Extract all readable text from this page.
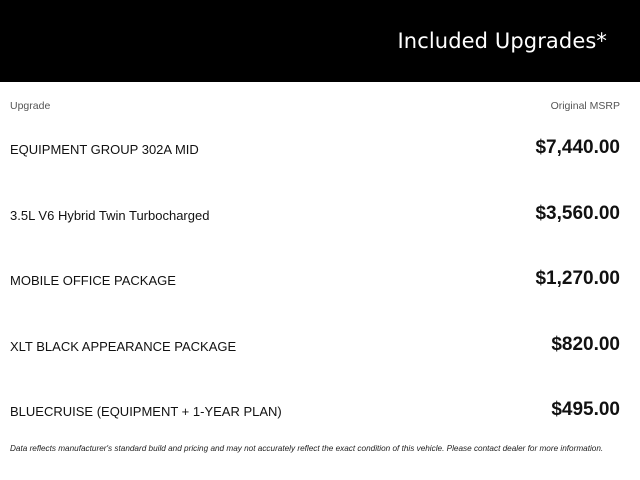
Included Upgrades*
Upgrade	Original MSRP
EQUIPMENT GROUP 302A MID	$7,440.00
3.5L V6 Hybrid Twin Turbocharged	$3,560.00
MOBILE OFFICE PACKAGE	$1,270.00
XLT BLACK APPEARANCE PACKAGE	$820.00
BLUECRUISE (EQUIPMENT + 1-YEAR PLAN)	$495.00
Data reflects manufacturer's standard build and pricing and may not accurately reflect the exact condition of this vehicle. Please contact dealer for more information.
